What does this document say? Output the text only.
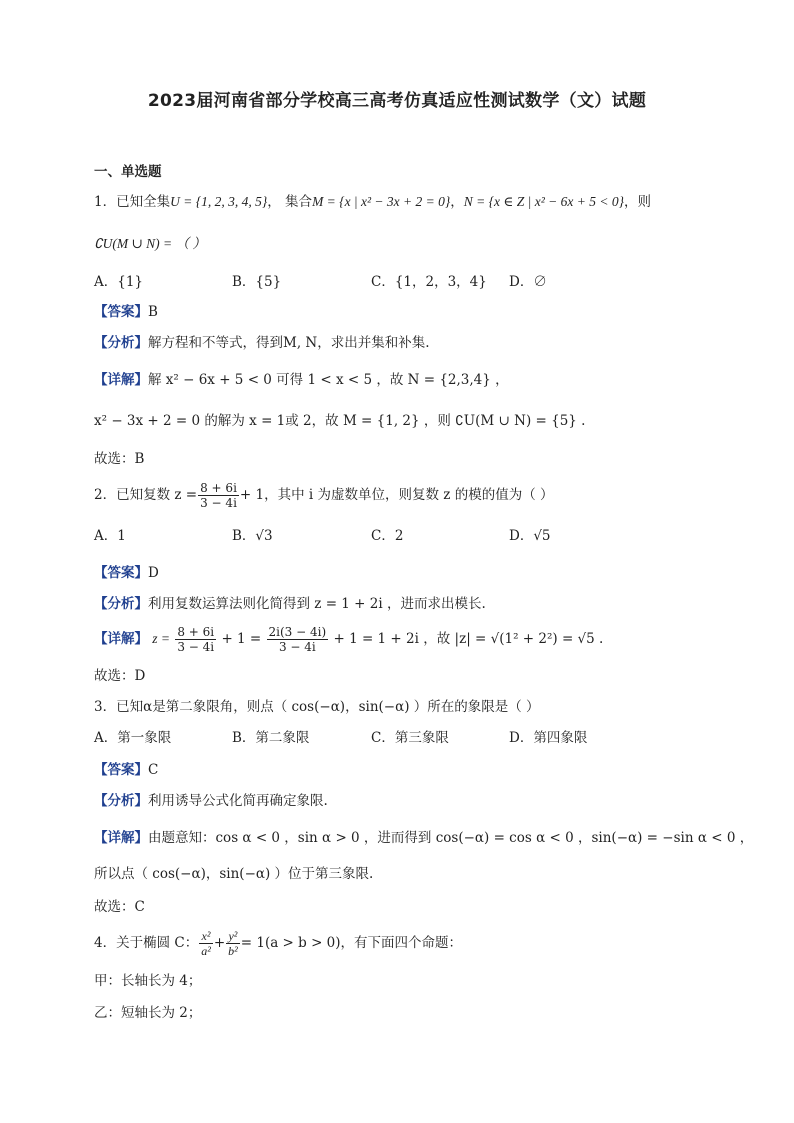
2023届河南省部分学校高三高考仿真适应性测试数学（文）试题
一、单选题
1．已知全集U = {1, 2, 3, 4, 5}， 集合M = {x | x² − 3x + 2 = 0}，N = {x ∈ Z | x² − 6x + 5 < 0}，则
∁U(M ∪ N) = （ ）
A．{1}	B．{5}	C．{1，2，3，4} D．∅
【答案】B
【分析】解方程和不等式，得到M, N，求出并集和补集.
【详解】解 x² − 6x + 5 < 0 可得 1 < x < 5 ，故 N = {2,3,4} ，
x² − 3x + 2 = 0 的解为 x = 1或 2，故 M = {1, 2} ，则 ∁U(M ∪ N) = {5} .
故选：B
2．已知复数 $z = \frac{8 + 6i}{3 - 4i} + 1$，其中 i 为虚数单位，则复数 z 的模的值为（ ）
A．1	B．√3	C．2	D．√5
【答案】D
【分析】利用复数运算法则化简得到 z = 1 + 2i ，进而求出模长.
【详解】 $z = \frac{8 + 6i}{3 - 4i} + 1 = \frac{2i(3 - 4i)}{3 - 4i} + 1 = 1 + 2i$ ，故 |z| = √(1² + 2²) = √5 .
故选：D
3．已知α是第二象限角，则点（ cos(−α)，sin(−α) ）所在的象限是（ ）
A．第一象限	B．第二象限	C．第三象限	D．第四象限
【答案】C
【分析】利用诱导公式化简再确定象限.
【详解】由题意知：cos α < 0 ，sin α > 0 ，进而得到 cos(−α) = cos α < 0 ，sin(−α) = −sin α < 0 ，
所以点（ cos(−α)，sin(−α) ）位于第三象限.
故选：C
4．关于椭圆 C： $\frac{\text{x²}}{\text{a²}} + \frac{\text{y²}}{\text{b²}} = 1(a > b > 0)$，有下面四个命题：
甲：长轴长为 4；
乙：短轴长为 2；
